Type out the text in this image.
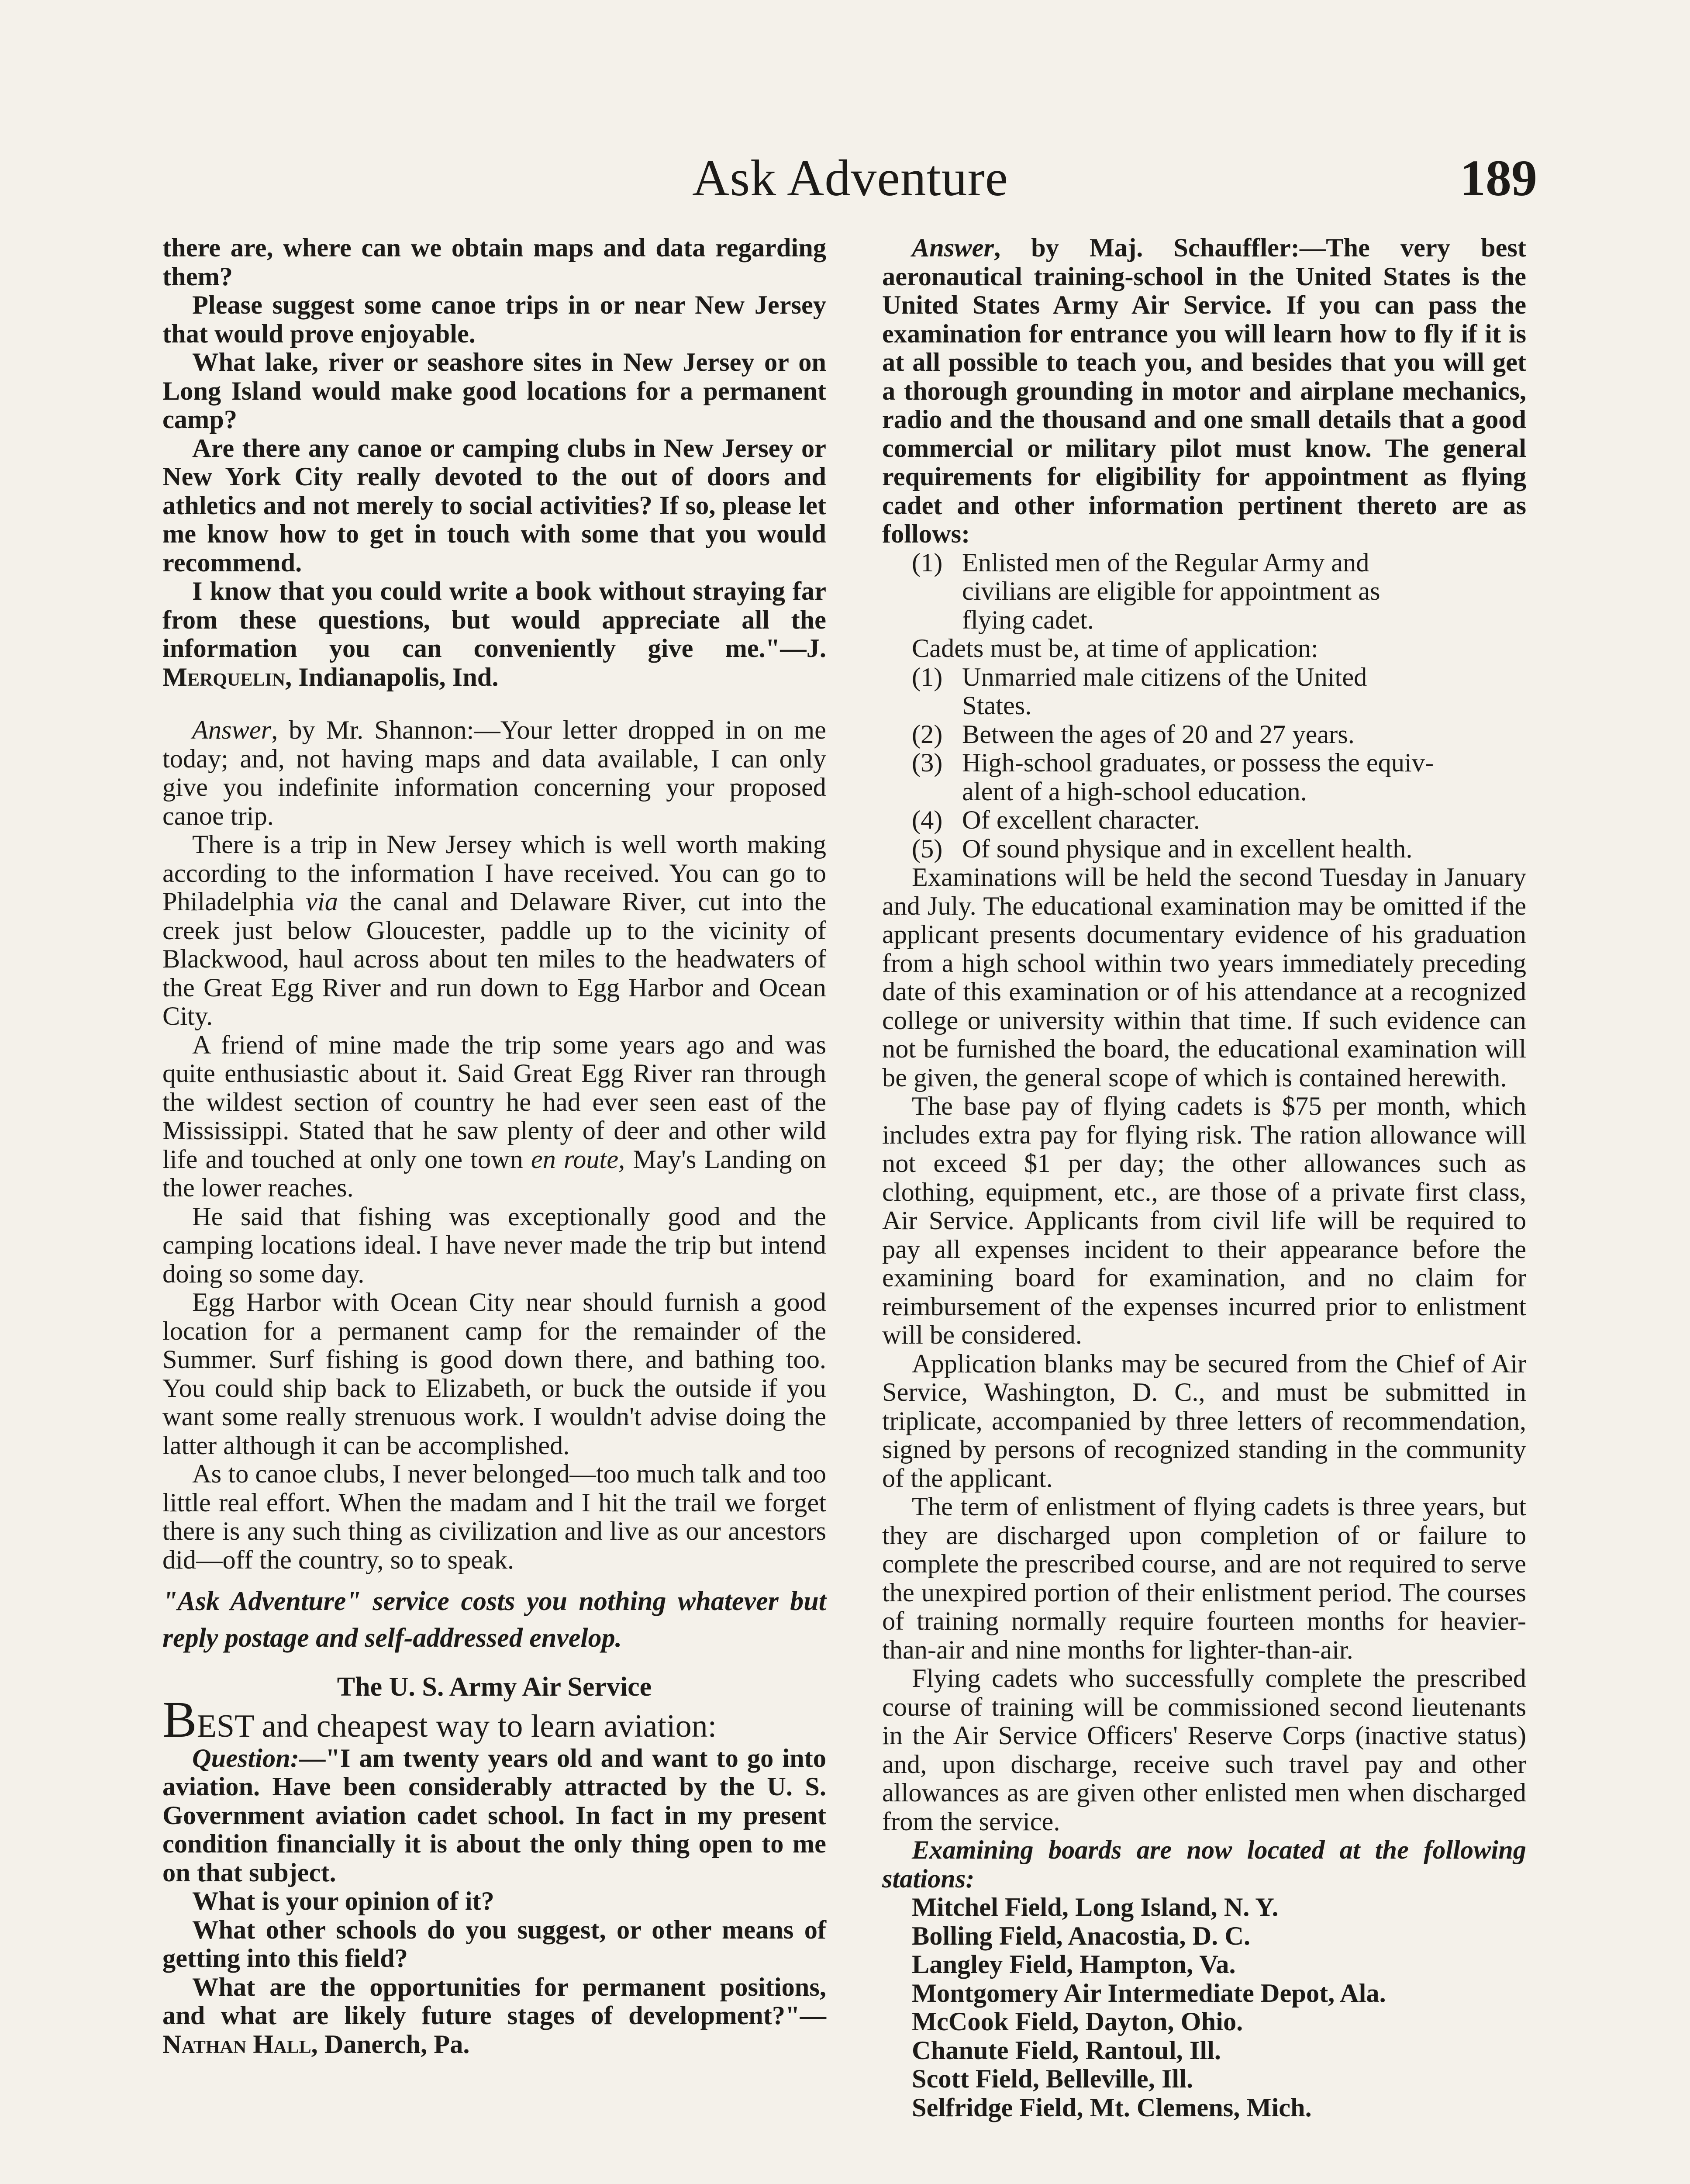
Ask Adventure	189

there are, where can we obtain maps and data regarding them?

Please suggest some canoe trips in or near New Jersey that would prove enjoyable.

What lake, river or seashore sites in New Jersey or on Long Island would make good locations for a permanent camp?

Are there any canoe or camping clubs in New Jersey or New York City really devoted to the out of doors and athletics and not merely to social activities? If so, please let me know how to get in touch with some that you would recommend.

I know that you could write a book without straying far from these questions, but would appreciate all the information you can conveniently give me."—J. Merquelin, Indianapolis, Ind.

Answer, by Mr. Shannon:—Your letter dropped in on me today; and, not having maps and data available, I can only give you indefinite information concerning your proposed canoe trip.

There is a trip in New Jersey which is well worth making according to the information I have received. You can go to Philadelphia via the canal and Delaware River, cut into the creek just below Gloucester, paddle up to the vicinity of Blackwood, haul across about ten miles to the headwaters of the Great Egg River and run down to Egg Harbor and Ocean City.

A friend of mine made the trip some years ago and was quite enthusiastic about it. Said Great Egg River ran through the wildest section of country he had ever seen east of the Mississippi. Stated that he saw plenty of deer and other wild life and touched at only one town en route, May's Landing on the lower reaches.

He said that fishing was exceptionally good and the camping locations ideal. I have never made the trip but intend doing so some day.

Egg Harbor with Ocean City near should furnish a good location for a permanent camp for the remainder of the Summer. Surf fishing is good down there, and bathing too. You could ship back to Elizabeth, or buck the outside if you want some really strenuous work. I wouldn't advise doing the latter although it can be accomplished.

As to canoe clubs, I never belonged—too much talk and too little real effort. When the madam and I hit the trail we forget there is any such thing as civilization and live as our ancestors did—off the country, so to speak.

"Ask Adventure" service costs you nothing whatever but reply postage and self-addressed envelop.
The U. S. Army Air Service

BEST and cheapest way to learn aviation:

Question:—"I am twenty years old and want to go into aviation. Have been considerably attracted by the U. S. Government aviation cadet school. In fact in my present condition financially it is about the only thing open to me on that subject.

What is your opinion of it?

What other schools do you suggest, or other means of getting into this field?

What are the opportunities for permanent positions, and what are likely future stages of development?"—Nathan Hall, Danerch, Pa.

Answer, by Maj. Schauffler:—The very best aeronautical training-school in the United States is the United States Army Air Service. If you can pass the examination for entrance you will learn how to fly if it is at all possible to teach you, and besides that you will get a thorough grounding in motor and airplane mechanics, radio and the thousand and one small details that a good commercial or military pilot must know. The general requirements for eligibility for appointment as flying cadet and other information pertinent thereto are as follows:

(1) Enlisted men of the Regular Army and
civilians are eligible for appointment as
flying cadet.

Cadets must be, at time of application:

(1) Unmarried male citizens of the United
States.
(2) Between the ages of 20 and 27 years.
(3) High-school graduates, or possess the equiv-
alent of a high-school education.
(4) Of excellent character.
(5) Of sound physique and in excellent health.

Examinations will be held the second Tuesday in January and July. The educational examination may be omitted if the applicant presents documentary evidence of his graduation from a high school within two years immediately preceding date of this examination or of his attendance at a recognized college or university within that time. If such evidence can not be furnished the board, the educational examination will be given, the general scope of which is contained herewith.

The base pay of flying cadets is $75 per month, which includes extra pay for flying risk. The ration allowance will not exceed $1 per day; the other allowances such as clothing, equipment, etc., are those of a private first class, Air Service. Applicants from civil life will be required to pay all expenses incident to their appearance before the examining board for examination, and no claim for reimbursement of the expenses incurred prior to enlistment will be considered.

Application blanks may be secured from the Chief of Air Service, Washington, D. C., and must be submitted in triplicate, accompanied by three letters of recommendation, signed by persons of recognized standing in the community of the applicant.

The term of enlistment of flying cadets is three years, but they are discharged upon completion of or failure to complete the prescribed course, and are not required to serve the unexpired portion of their enlistment period. The courses of training normally require fourteen months for heavier-than-air and nine months for lighter-than-air.

Flying cadets who successfully complete the prescribed course of training will be commissioned second lieutenants in the Air Service Officers' Reserve Corps (inactive status) and, upon discharge, receive such travel pay and other allowances as are given other enlisted men when discharged from the service.

Examining boards are now located at the following stations:

Mitchel Field, Long Island, N. Y.

Bolling Field, Anacostia, D. C.

Langley Field, Hampton, Va.

Montgomery Air Intermediate Depot, Ala.

McCook Field, Dayton, Ohio.

Chanute Field, Rantoul, Ill.

Scott Field, Belleville, Ill.

Selfridge Field, Mt. Clemens, Mich.
